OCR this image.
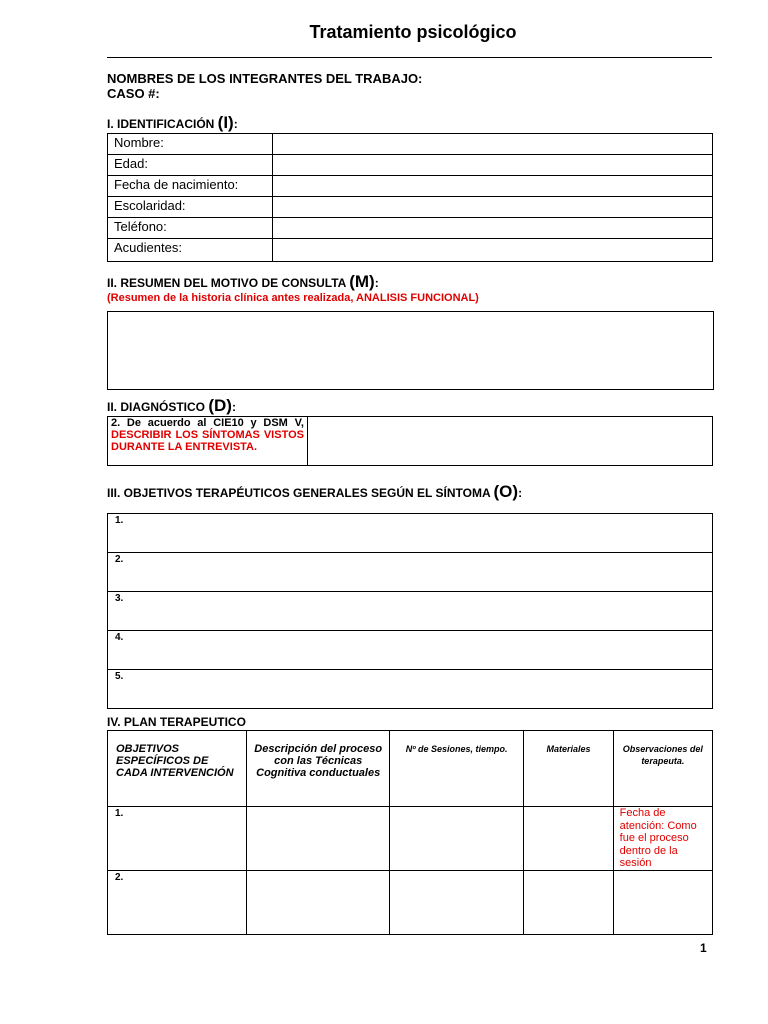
Tratamiento psicológico
NOMBRES DE LOS INTEGRANTES DEL TRABAJO:
CASO #:
I. IDENTIFICACIÓN (I):
Nombre:	
Edad:	
Fecha de nacimiento:	
Escolaridad:	
Teléfono:	
Acudientes:	
II. RESUMEN DEL MOTIVO DE CONSULTA (M):
(Resumen de la historia clínica antes realizada, ANALISIS FUNCIONAL)
II. DIAGNÓSTICO (D):
2. De acuerdo al CIE10 y DSM V, DESCRIBIR LOS SÍNTOMAS VISTOS DURANTE LA ENTREVISTA.	
III. OBJETIVOS TERAPÉUTICOS GENERALES SEGÚN EL SÍNTOMA (O):
1.
2.
3.
4.
5.
IV. PLAN TERAPEUTICO
OBJETIVOS ESPECÍFICOS DE CADA INTERVENCIÓN	Descripción del proceso con las Técnicas Cognitiva conductuales	Nº de Sesiones, tiempo.	Materiales	Observaciones del terapeuta.
1.				Fecha de atención: Como fue el proceso dentro de la sesión
2.				
1
